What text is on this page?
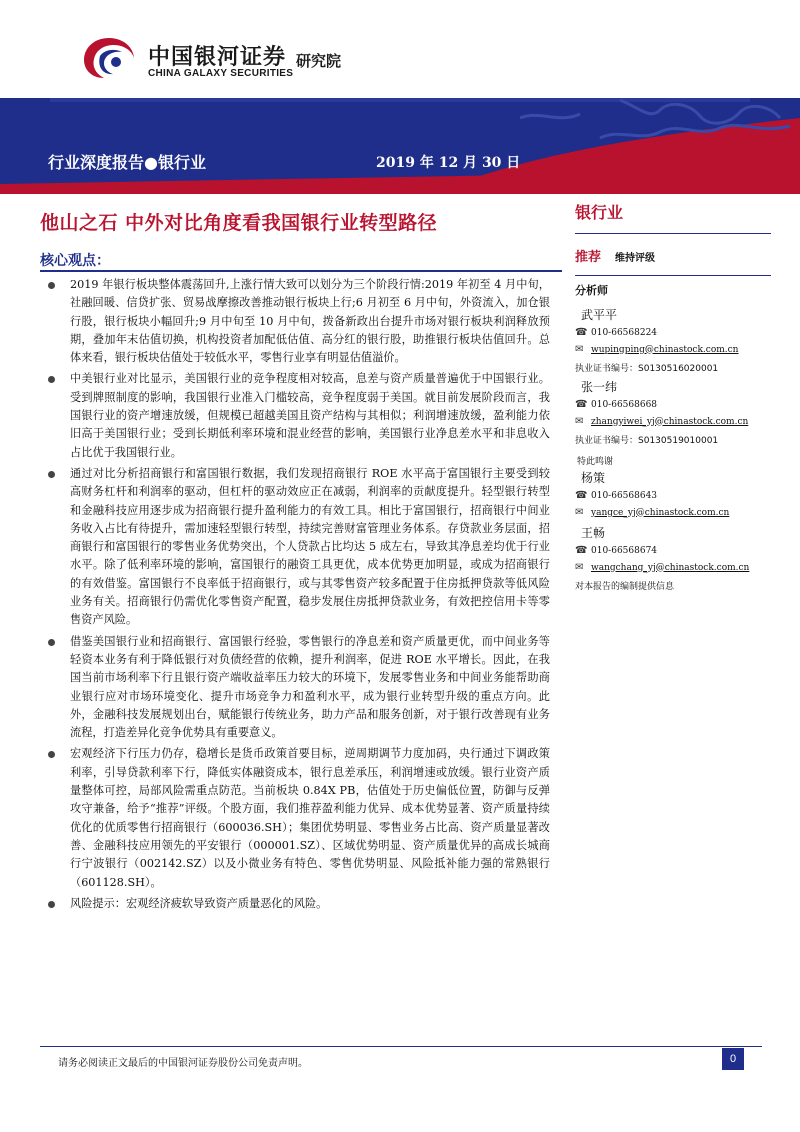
中国银河证券
CHINA GALAXY SECURITIES
研究院
行业深度报告●银行业	2019 年 12 月 30 日
他山之石 中外对比角度看我国银行业转型路径
核心观点：
2019 年银行板块整体震荡回升,上涨行情大致可以划分为三个阶段行情:2019 年初至 4 月中旬，社融回暖、信贷扩张、贸易战摩擦改善推动银行板块上行;6 月初至 6 月中旬，外资流入，加仓银行股，银行板块小幅回升;9 月中旬至 10 月中旬，拨备新政出台提升市场对银行板块利润释放预期，叠加年末估值切换，机构投资者加配低估值、高分红的银行股，助推银行板块估值回升。总体来看，银行板块估值处于较低水平，零售行业享有明显估值溢价。
中美银行业对比显示，美国银行业的竞争程度相对较高，息差与资产质量普遍优于中国银行业。受到牌照制度的影响，我国银行业准入门槛较高，竞争程度弱于美国。就目前发展阶段而言，我国银行业的资产增速放缓，但规模已超越美国且资产结构与其相似；利润增速放缓，盈利能力依旧高于美国银行业；受到长期低利率环境和混业经营的影响，美国银行业净息差水平和非息收入占比优于我国银行业。
通过对比分析招商银行和富国银行数据，我们发现招商银行 ROE 水平高于富国银行主要受到较高财务杠杆和利润率的驱动，但杠杆的驱动效应正在减弱，利润率的贡献度提升。轻型银行转型和金融科技应用逐步成为招商银行提升盈利能力的有效工具。相比于富国银行，招商银行中间业务收入占比有待提升，需加速轻型银行转型，持续完善财富管理业务体系。存贷款业务层面，招商银行和富国银行的零售业务优势突出，个人贷款占比均达 5 成左右，导致其净息差均优于行业水平。除了低利率环境的影响，富国银行的融资工具更优，成本优势更加明显，或成为招商银行的有效借鉴。富国银行不良率低于招商银行，或与其零售资产较多配置于住房抵押贷款等低风险业务有关。招商银行仍需优化零售资产配置，稳步发展住房抵押贷款业务，有效把控信用卡等零售资产风险。
借鉴美国银行业和招商银行、富国银行经验，零售银行的净息差和资产质量更优，而中间业务等轻资本业务有利于降低银行对负债经营的依赖，提升利润率，促进 ROE 水平增长。因此，在我国当前市场利率下行且银行资产端收益率压力较大的环境下，发展零售业务和中间业务能帮助商业银行应对市场环境变化、提升市场竞争力和盈利水平，成为银行业转型升级的重点方向。此外，金融科技发展规划出台，赋能银行传统业务，助力产品和服务创新，对于银行改善现有业务流程，打造差异化竞争优势具有重要意义。
宏观经济下行压力仍存，稳增长是货币政策首要目标，逆周期调节力度加码，央行通过下调政策利率，引导贷款利率下行，降低实体融资成本，银行息差承压，利润增速或放缓。银行业资产质量整体可控，局部风险需重点防范。当前板块 0.84X PB，估值处于历史偏低位置，防御与反弹攻守兼备，给予“推荐”评级。个股方面，我们推荐盈利能力优异、成本优势显著、资产质量持续优化的优质零售行招商银行（600036.SH）；集团优势明显、零售业务占比高、资产质量显著改善、金融科技应用领先的平安银行（000001.SZ）、区域优势明显、资产质量优异的高成长城商行宁波银行（002142.SZ）以及小微业务有特色、零售优势明显、风险抵补能力强的常熟银行（601128.SH）。
风险提示：宏观经济疲软导致资产质量恶化的风险。
银行业
推荐 维持评级
分析师
武平平
☎ 010-66568224
✉ wupingping@chinastock.com.cn
执业证书编号：S0130516020001
张一纬
☎ 010-66568668
✉ zhangyiwei_yj@chinastock.com.cn
执业证书编号：S0130519010001
特此鸣谢
杨策
☎ 010-66568643
✉ yangce_yj@chinastock.com.cn
王畅
☎ 010-66568674
✉ wangchang_yj@chinastock.com.cn
对本报告的编制提供信息
请务必阅读正文最后的中国银河证券股份公司免责声明。	0
